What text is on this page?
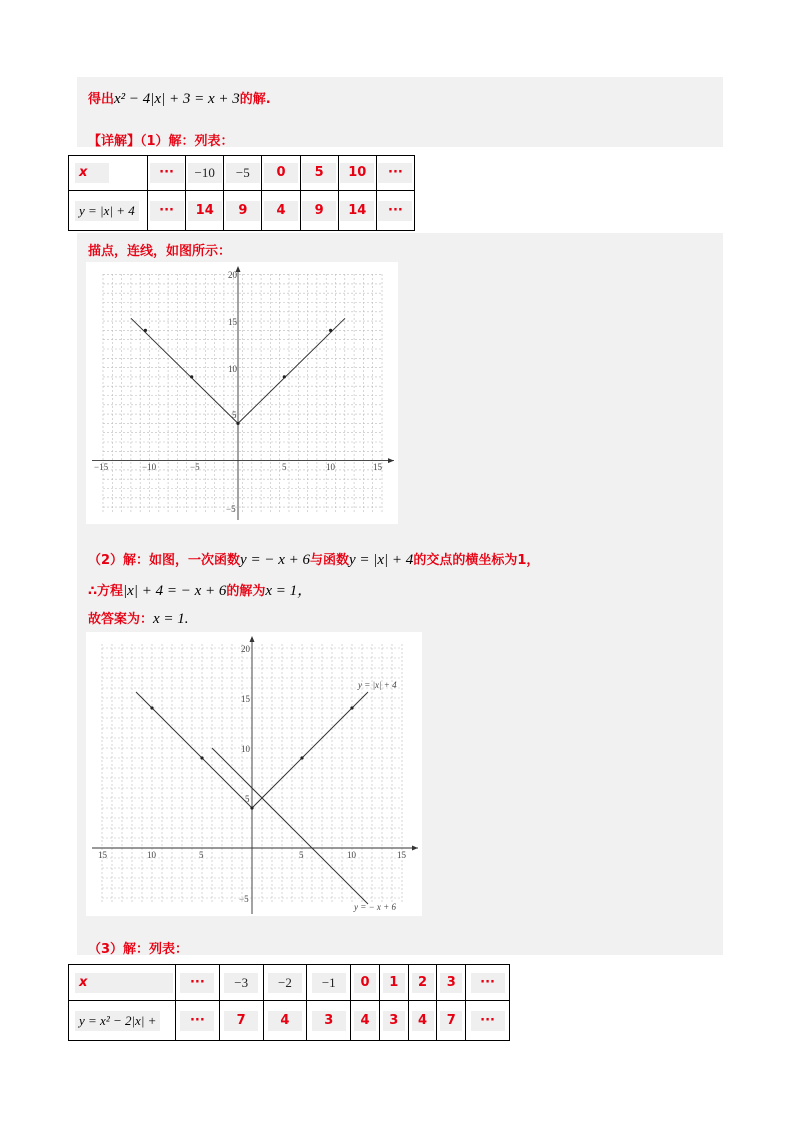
得出x² − 4|x| + 3 = x + 3的解.
【详解】（1）解：列表：
x	···	−10	−5	0	5	10	···
y = |x| + 4	···	14	9	4	9	14	···
描点，连线，如图所示：
−15	−10	−5	5	10	15
20
15
10
5
−5
（2）解：如图，一次函数y = − x + 6与函数y = |x| + 4的交点的横坐标为1，
∴方程|x| + 4 = − x + 6的解为x = 1，
故答案为：x = 1.
15	10	5	5	10	15
20
15
10
5
−5
y = |x| + 4
y = − x + 6
（3）解：列表：
x	···	−3	−2	−1	0	1	2	3	···
y = x² − 2|x| +	···	7	4	3	4	3	4	7	···
